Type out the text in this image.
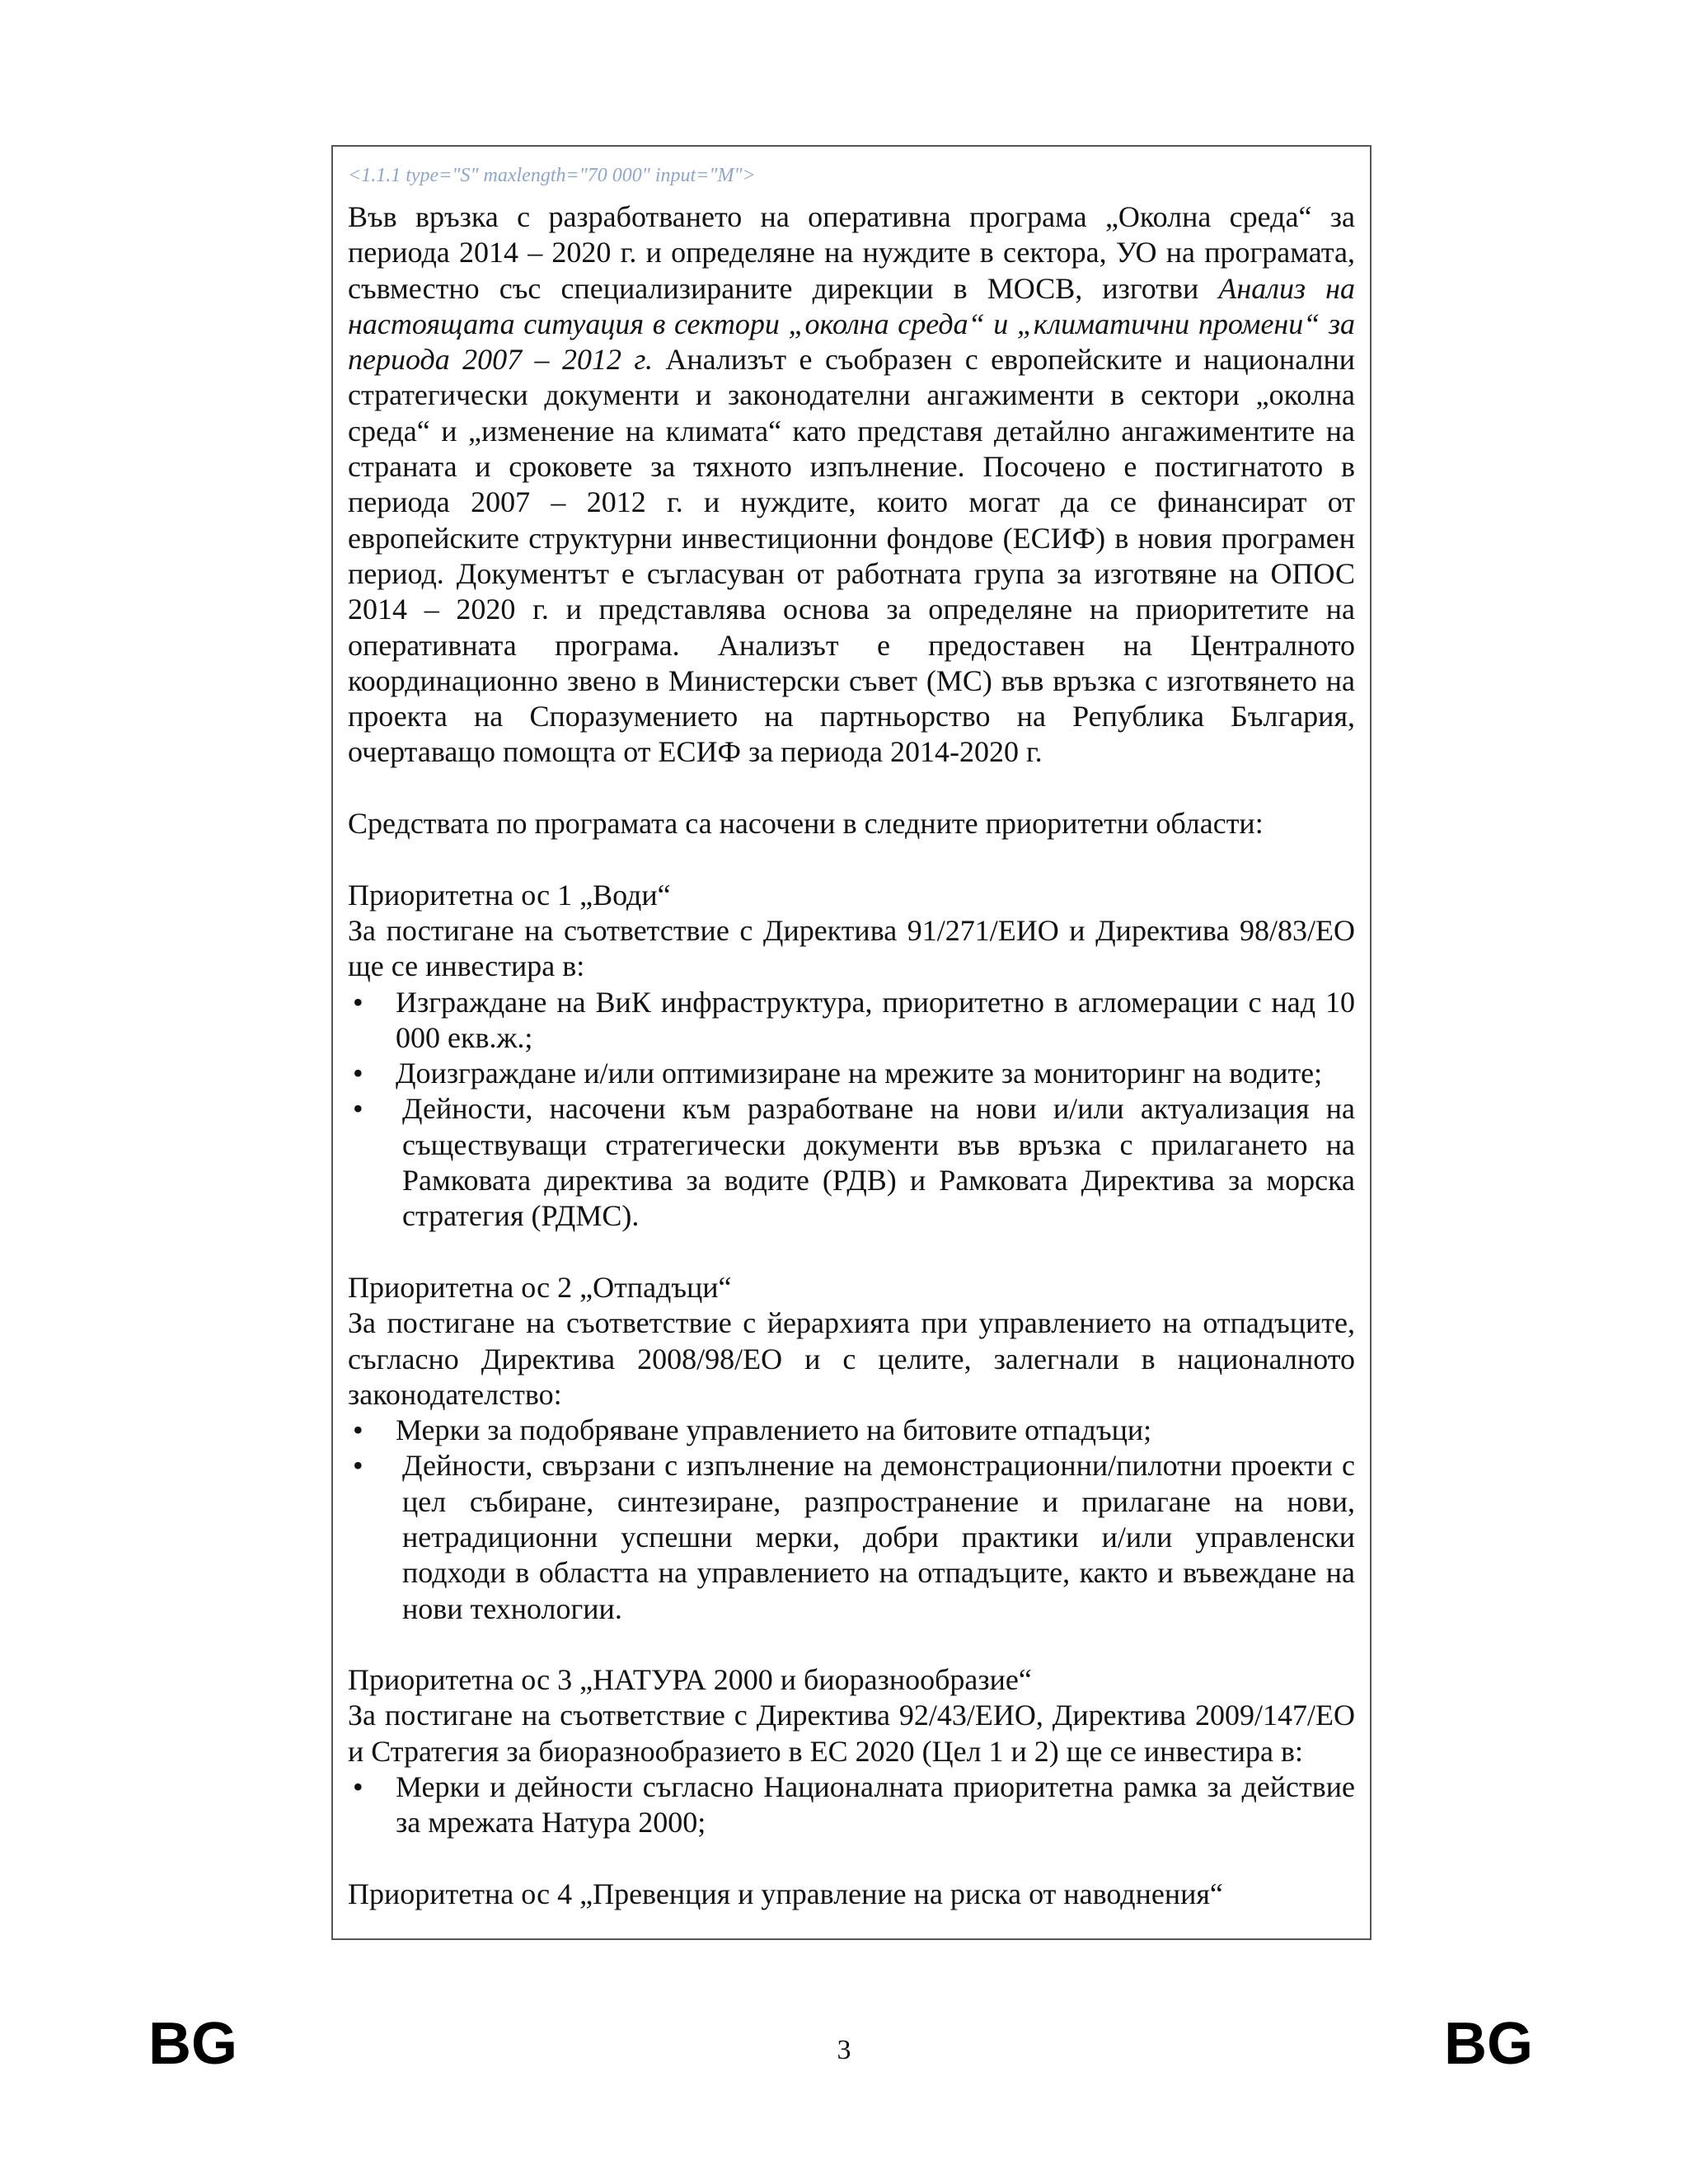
<1.1.1 type="S" maxlength="70 000" input="M">

Във връзка с разработването на оперативна програма „Околна среда“ за периода 2014 – 2020 г. и определяне на нуждите в сектора, УО на програмата, съвместно със специализираните дирекции в МОСВ, изготви Анализ на настоящата ситуация в сектори „околна среда“ и „климатични промени“ за периода 2007 – 2012 г. Анализът е съобразен с европейските и национални стратегически документи и законодателни ангажименти в сектори „околна среда“ и „изменение на климата“ като представя детайлно ангажиментите на страната и сроковете за тяхното изпълнение. Посочено е постигнатото в периода 2007 – 2012 г. и нуждите, които могат да се финансират от европейските структурни инвестиционни фондове (ЕСИФ) в новия програмен период. Документът е съгласуван от работната група за изготвяне на ОПОС 2014 – 2020 г. и представлява основа за определяне на приоритетите на оперативната програма. Анализът е предоставен на Централното координационно звено в Министерски съвет (МС) във връзка с изготвянето на проекта на Споразумението на партньорство на Република България, очертаващо помощта от ЕСИФ за периода 2014-2020 г.

Средствата по програмата са насочени в следните приоритетни области:

Приоритетна ос 1 „Води“

За постигане на съответствие с Директива 91/271/ЕИО и Директива 98/83/ЕО ще се инвестира в:

• Изграждане на ВиК инфраструктура, приоритетно в агломерации с над 10 000 екв.ж.;
• Доизграждане и/или оптимизиране на мрежите за мониторинг на водите;
• Дейности, насочени към разработване на нови и/или актуализация на съществуващи стратегически документи във връзка с прилагането на Рамковата директива за водите (РДВ) и Рамковата Директива за морска стратегия (РДМС).

Приоритетна ос 2 „Отпадъци“

За постигане на съответствие с йерархията при управлението на отпадъците, съгласно Директива 2008/98/ЕО и с целите, залегнали в националното законодателство:

• Мерки за подобряване управлението на битовите отпадъци;
• Дейности, свързани с изпълнение на демонстрационни/пилотни проекти с цел събиране, синтезиране, разпространение и прилагане на нови, нетрадиционни успешни мерки, добри практики и/или управленски подходи в областта на управлението на отпадъците, както и въвеждане на нови технологии.

Приоритетна ос 3 „НАТУРА 2000 и биоразнообразие“

За постигане на съответствие с Директива 92/43/ЕИО, Директива 2009/147/ЕО и Стратегия за биоразнообразието в ЕС 2020 (Цел 1 и 2) ще се инвестира в:

• Мерки и дейности съгласно Националната приоритетна рамка за действие за мрежата Натура 2000;

Приоритетна ос 4 „Превенция и управление на риска от наводнения“

BG	3	BG
